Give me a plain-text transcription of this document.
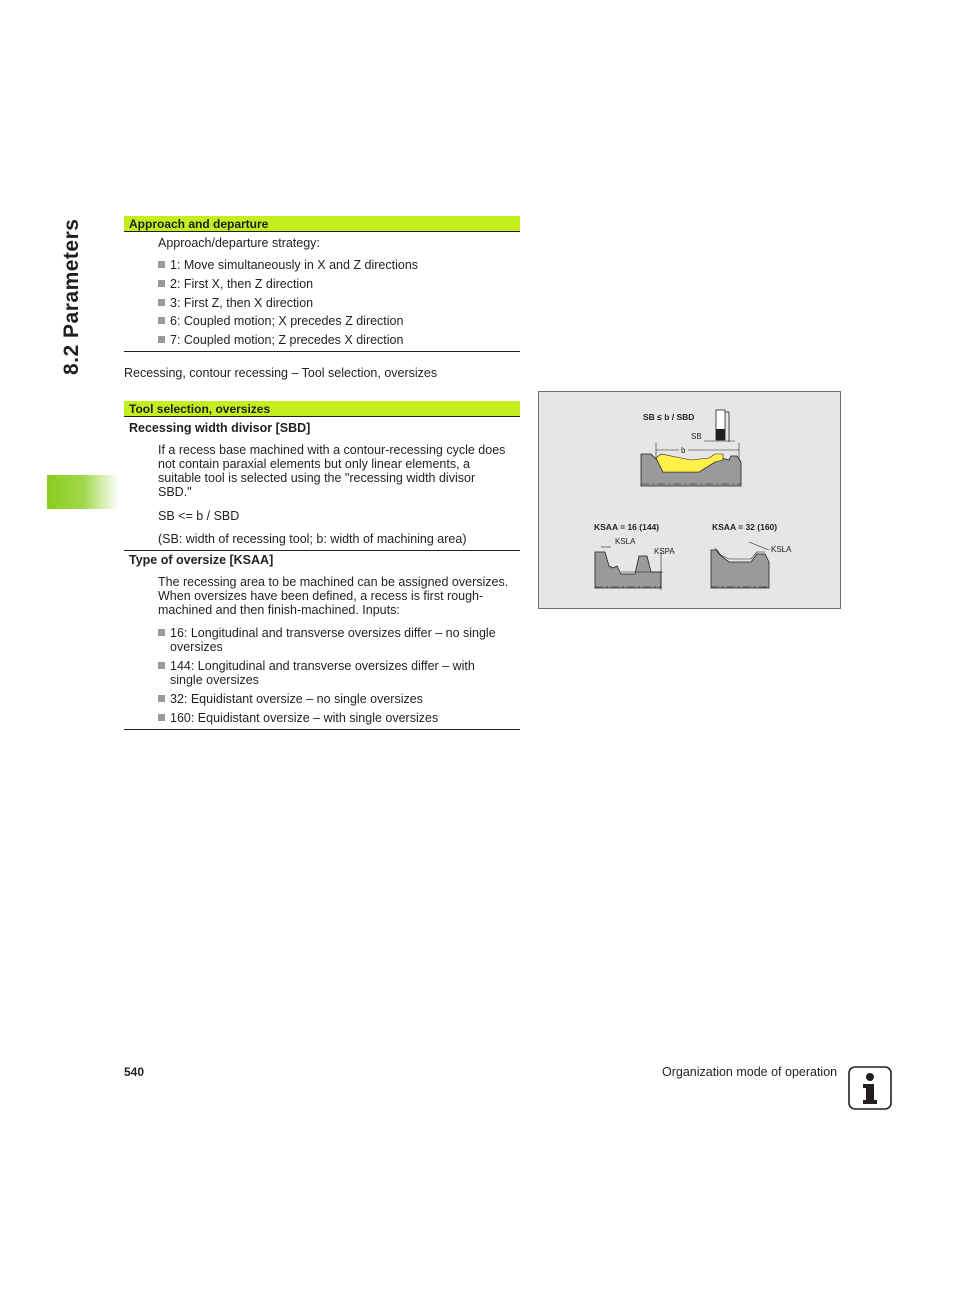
8.2 Parameters	Approach and departure
Approach/departure strategy:
1: Move simultaneously in X and Z directions
2: First X, then Z direction
3: First Z, then X direction
6: Coupled motion; X precedes Z direction
7: Coupled motion; Z precedes X direction
Recessing, contour recessing – Tool selection, oversizes
Tool selection, oversizes
Recessing width divisor [SBD]
If a recess base machined with a contour-recessing cycle does
not contain paraxial elements but only linear elements, a
suitable tool is selected using the "recessing width divisor
SBD."
SB <= b / SBD
(SB: width of recessing tool; b: width of machining area)
Type of oversize [KSAA]
The recessing area to be machined can be assigned oversizes.
When oversizes have been defined, a recess is first rough-
machined and then finish-machined. Inputs:
16: Longitudinal and transverse oversizes differ – no single
oversizes
144: Longitudinal and transverse oversizes differ – with
single oversizes
32: Equidistant oversize – no single oversizes
160: Equidistant oversize – with single oversizes
SB ≤ b / SBD
SB
b
KSAA = 16 (144)
KSLA
KSPA
KSAA = 32 (160)
KSLA
540	Organization mode of operation
